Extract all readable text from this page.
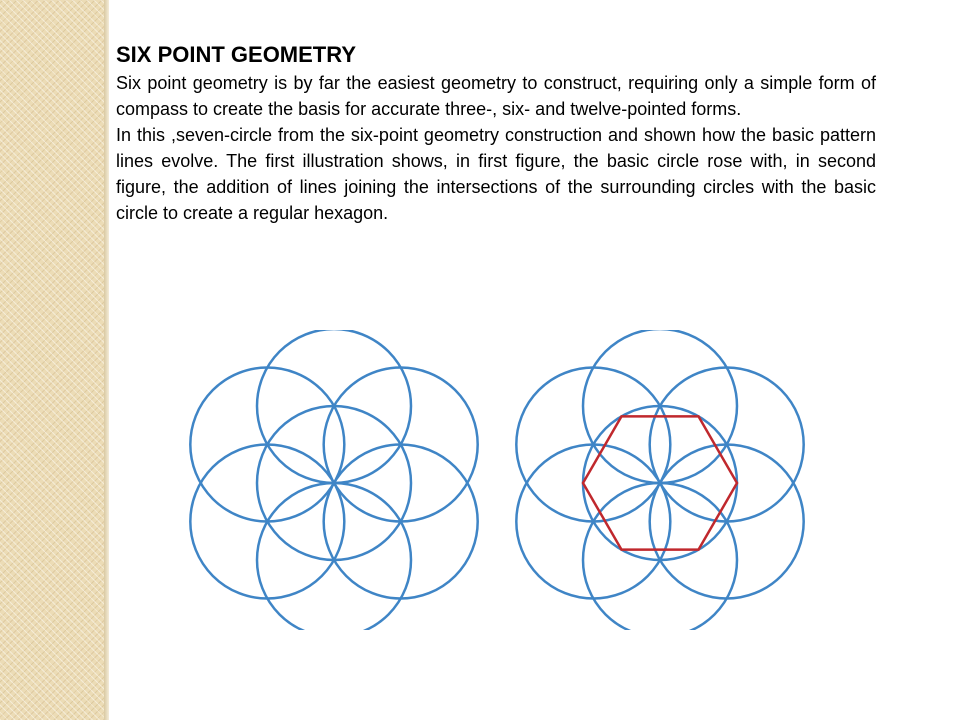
SIX POINT GEOMETRY

Six point geometry is by far the easiest geometry to construct, requiring only a simple form of compass to create the basis for accurate three-, six- and twelve-pointed forms.

In this ,seven-circle from the six-point geometry construction and shown how the basic pattern lines evolve. The first illustration shows, in first figure, the basic circle rose with, in second figure, the addition of lines joining the intersections of the surrounding circles with the basic circle to create a regular hexagon.
